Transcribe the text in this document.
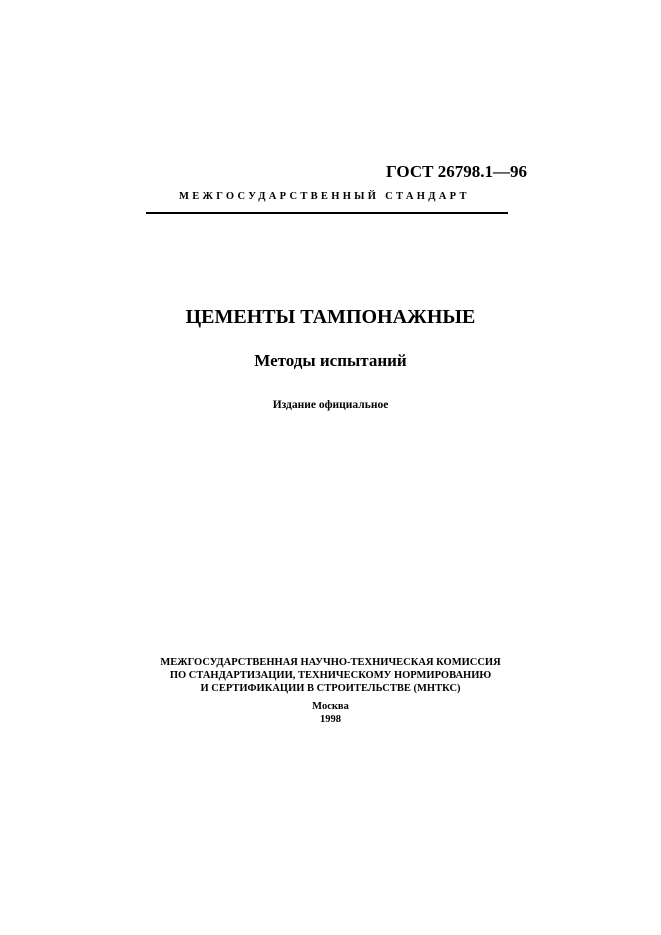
ГОСТ 26798.1—96
МЕЖГОСУДАРСТВЕННЫЙ СТАНДАРТ
ЦЕМЕНТЫ ТАМПОНАЖНЫЕ
Методы испытаний
Издание официальное
МЕЖГОСУДАРСТВЕННАЯ НАУЧНО-ТЕХНИЧЕСКАЯ КОМИССИЯ
ПО СТАНДАРТИЗАЦИИ, ТЕХНИЧЕСКОМУ НОРМИРОВАНИЮ
И СЕРТИФИКАЦИИ В СТРОИТЕЛЬСТВЕ (МНТКС)
Москва
1998
